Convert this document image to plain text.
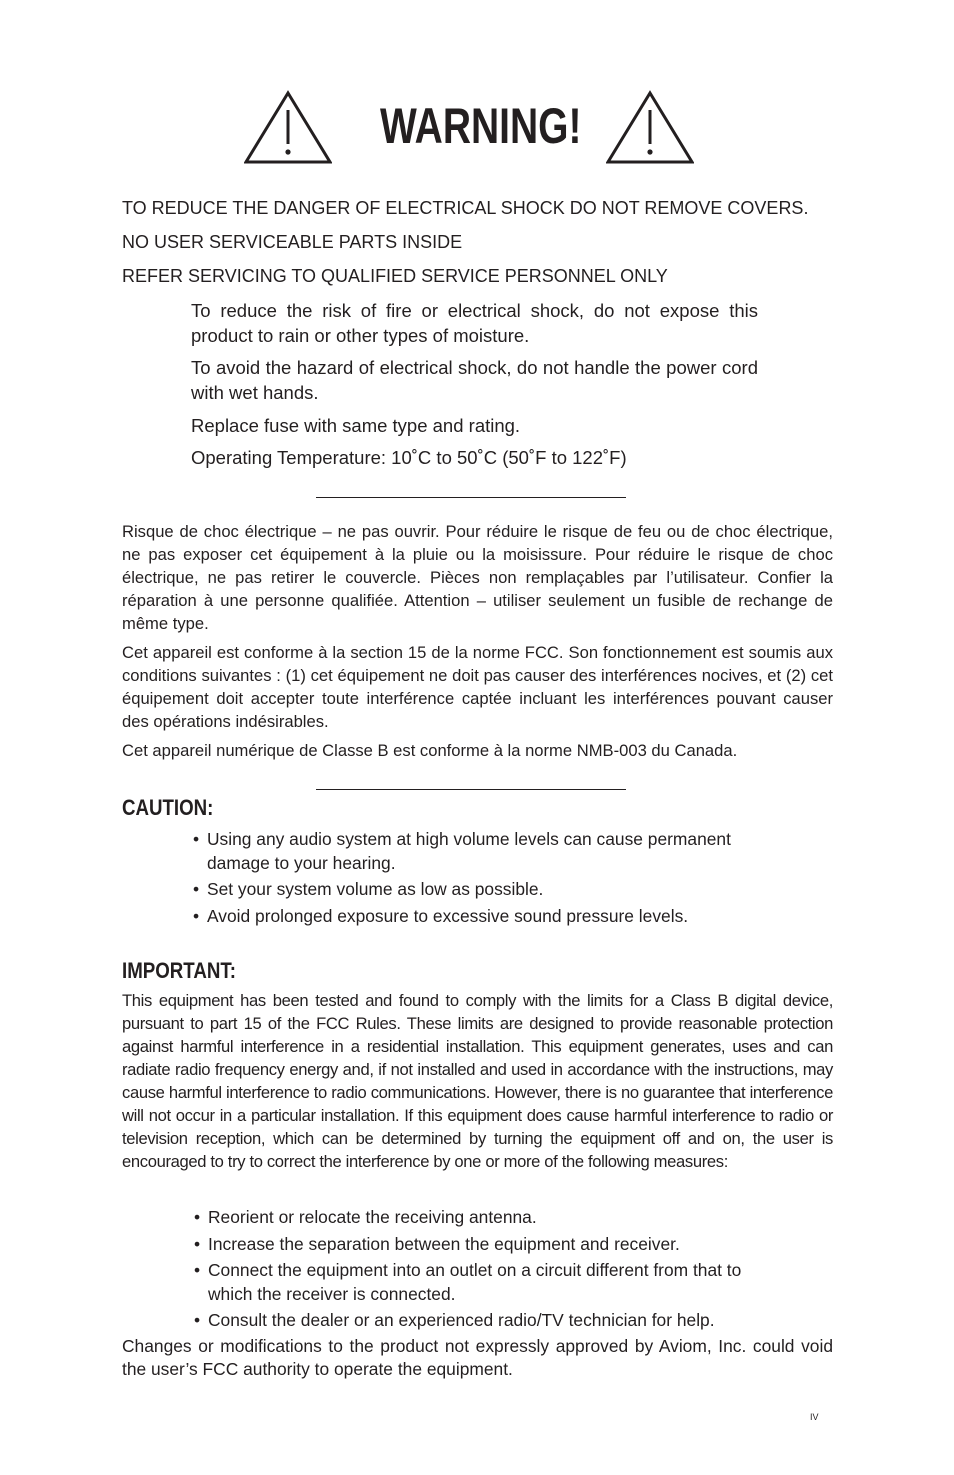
WARNING!
TO REDUCE THE DANGER OF ELECTRICAL SHOCK DO NOT REMOVE COVERS.
NO USER SERVICEABLE PARTS INSIDE
REFER SERVICING TO QUALIFIED SERVICE PERSONNEL ONLY
To reduce the risk of fire or electrical shock, do not expose this product to rain or other types of moisture.
To avoid the hazard of electrical shock, do not handle the power cord with wet hands.
Replace fuse with same type and rating.
Operating Temperature: 10˚C to 50˚C (50˚F to 122˚F)
Risque de choc électrique – ne pas ouvrir. Pour réduire le risque de feu ou de choc électrique, ne pas exposer cet équipement à la pluie ou la moisissure. Pour réduire le risque de choc électrique, ne pas retirer le couvercle. Pièces non remplaçables par l’utilisateur. Confier la réparation à une personne qualifiée. Attention – utiliser seulement un fusible de rechange de même type.
Cet appareil est conforme à la section 15 de la norme FCC. Son fonctionnement est soumis aux conditions suivantes : (1) cet équipement ne doit pas causer des interférences nocives, et (2) cet équipement doit accepter toute interférence captée incluant les interférences pouvant causer des opérations indésirables.
Cet appareil numérique de Classe B est conforme à la norme NMB-003 du Canada.
CAUTION:
• Using any audio system at high volume levels can cause permanent damage to your hearing.
• Set your system volume as low as possible.
• Avoid prolonged exposure to excessive sound pressure levels.
IMPORTANT:
This equipment has been tested and found to comply with the limits for a Class B digital device, pursuant to part 15 of the FCC Rules. These limits are designed to provide reasonable protection against harmful interference in a residential installation. This equipment generates, uses and can radiate radio frequency energy and, if not installed and used in accordance with the instructions, may cause harmful interference to radio communications. However, there is no guarantee that interference will not occur in a particular installation. If this equipment does cause harmful interference to radio or television reception, which can be determined by turning the equipment off and on, the user is encouraged to try to correct the interference by one or more of the following measures:
• Reorient or relocate the receiving antenna.
• Increase the separation between the equipment and receiver.
• Connect the equipment into an outlet on a circuit different from that to which the receiver is connected.
• Consult the dealer or an experienced radio/TV technician for help.
Changes or modifications to the product not expressly approved by Aviom, Inc. could void the user’s FCC authority to operate the equipment.
IV
